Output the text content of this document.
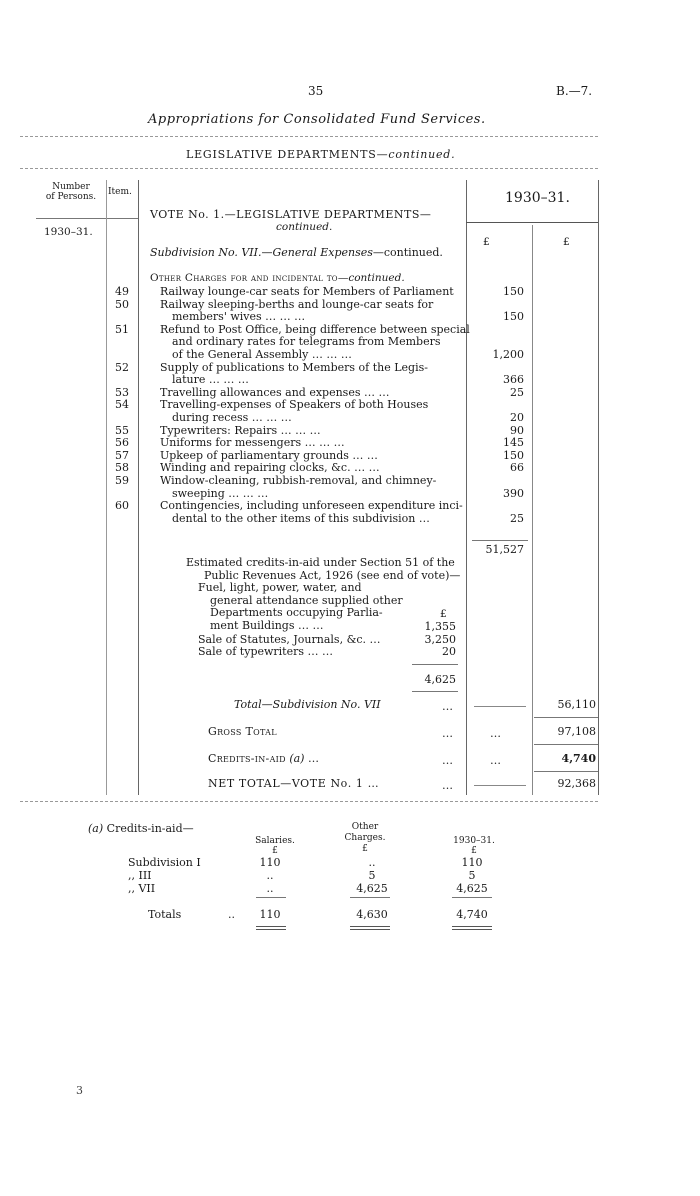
35	B.—7.
Appropriations for Consolidated Fund Services.
LEGISLATIVE DEPARTMENTS—continued.
Number
of Persons.	Item.
1930–31.
1930–31.
£	£
VOTE No. 1.—LEGISLATIVE DEPARTMENTS—
continued.
Subdivision No. VII.—General Expenses—continued.
Other Charges for and incidental to—continued.
49	Railway lounge-car seats for Members of Parliament	150
50	Railway sleeping-berths and lounge-car seats for
members' wives … … …	150
51	Refund to Post Office, being difference between special
and ordinary rates for telegrams from Members
of the General Assembly … … …	1,200
52	Supply of publications to Members of the Legis-
lature … … …	366
53	Travelling allowances and expenses … …	25
54	Travelling-expenses of Speakers of both Houses
during recess … … …	20
55	Typewriters: Repairs … … …	90
56	Uniforms for messengers … … …	145
57	Upkeep of parliamentary grounds … …	150
58	Winding and repairing clocks, &c. … …	66
59	Window-cleaning, rubbish-removal, and chimney-
sweeping … … …	390
60	Contingencies, including unforeseen expenditure inci-
dental to the other items of this subdivision …	25
51,527
Estimated credits-in-aid under Section 51 of the
Public Revenues Act, 1926 (see end of vote)—
Fuel, light, power, water, and
general attendance supplied other
Departments occupying Parlia-
ment Buildings … …
£
1,355
Sale of Statutes, Journals, &c. …	3,250
Sale of typewriters … …	20
4,625
Total—Subdivision No. VII	…	56,110
Gross Total	…	…	97,108
Credits-in-aid (a) …	…	…	4,740
NET TOTAL—VOTE No. 1 …	…	92,368
(a) Credits-in-aid—
Salaries.
£
Other
Charges.
£
1930–31.
£
Subdivision I	110	..	110
,, III	..	5	5
,, VII	..	4,625	4,625
Totals	..	110	4,630	4,740
3
